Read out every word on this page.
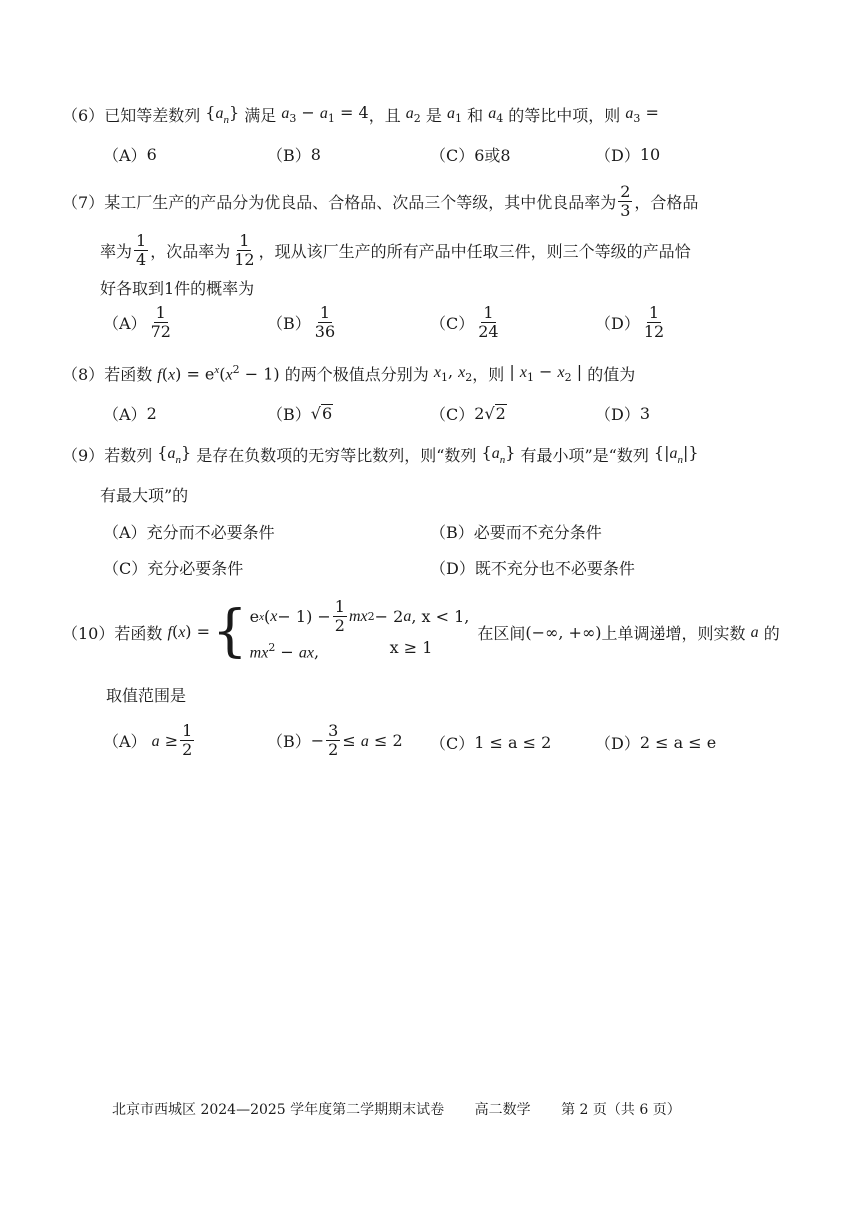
（6） 已知等差数列 $\{a_n\}$ 满足 $a_3 - a_1 = 4$ ，且 $a_2$ 是 $a_1$ 和 $a_4$ 的等比中项，则 $a_3$ =
（A） 6	（B） 8	（C） 6或8	（D） 10
（7） 某工厂生产的产品分为优良品、合格品、次品三个等级，其中优良品率为 $\frac{2}{3}$ ，合格品
率为 $\frac{1}{4}$ ，次品率为 $\frac{1}{12}$ ，现从该厂生产的所有产品中任取三件，则三个等级的产品恰
好各取到1件的概率为
$(A) \frac{1}{72}$	$(B) \frac{1}{36}$	$(C) \frac{1}{24}$	$(D) \frac{1}{12}$
（8） 若函数 $f(x) = e^x(x^2 - 1)$ 的两个极值点分别为 $x_1$, $x_2$ ，则 | $x_1 - x_2$ | 的值为
（A） 2	（B） √ 6	（C） 2 √ 2	（D） 3
（9） 若数列 $\{a_n\}$ 是存在负数项的无穷等比数列，则“数列 $\{a_n\}$ 有最小项”是“数列 $\{|a_n|\}$
有最大项”的
（A） 充分而不必要条件	（B） 必要而不充分条件
（C） 充分必要条件	（D） 既不充分也不必要条件
（10） 若函数 f(x) = { e x ( $x - 1) - \frac{1}{2}$ m x 2 − 2 a , x < 1,
$mx^2$ − ax,	x ≥ 1
在区间 (−∞, +∞) 上单调递增，则实数 a 的
取值范围是
（A） $a \ge \frac{1}{2}$	$(B) - \frac{3}{2} \le a \le 2$ （C） 1 ≤ a ≤ 2	（D） 2 ≤ a ≤ e
北京市西城区 2024—2025 学年度第二学期期末试卷 高二数学 第 2 页（共 6 页）
